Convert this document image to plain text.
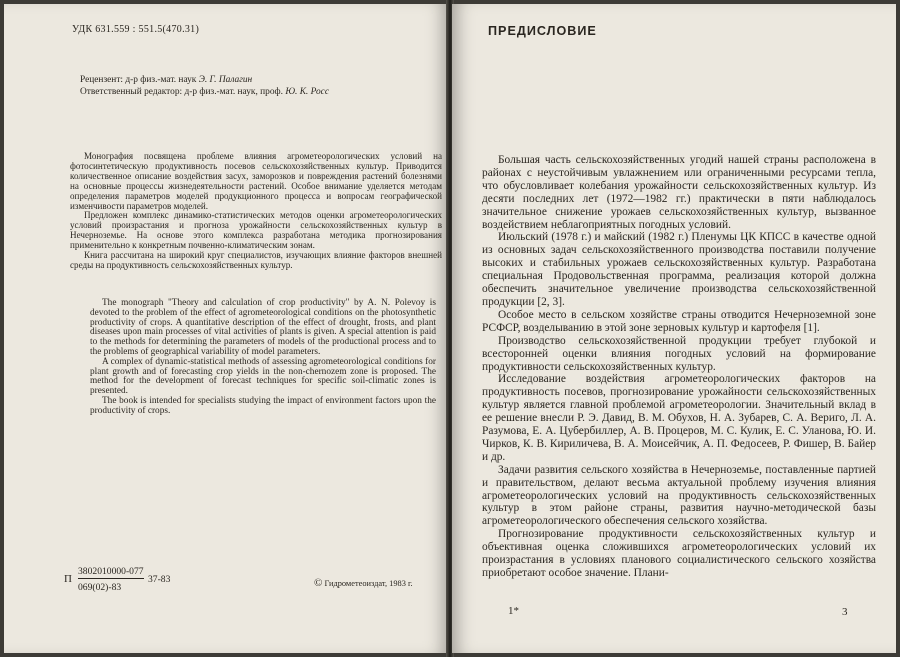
УДК 631.559 : 551.5(470.31)

Рецензент: д-р физ.-мат. наук Э. Г. Палагин

Ответственный редактор: д-р физ.-мат. наук, проф. Ю. К. Росс

Монография посвящена проблеме влияния агрометеорологических условий на фотосинтетическую продуктивность посевов сельскохозяйственных культур. Приводится количественное описание воздействия засух, заморозков и повреждения растений болезнями на основные процессы жизнедеятельности растений. Особое внимание уделяется методам определения параметров моделей продукционного процесса и вопросам географической изменчивости параметров моделей.

Предложен комплекс динамико-статистических методов оценки агрометеорологических условий произрастания и прогноза урожайности сельскохозяйственных культур в Нечерноземье. На основе этого комплекса разработана методика прогнозирования применительно к конкретным почвенно-климатическим зонам.

Книга рассчитана на широкий круг специалистов, изучающих влияние факторов внешней среды на продуктивность сельскохозяйственных культур.

The monograph "Theory and calculation of crop productivity" by A. N. Polevoy is devoted to the problem of the effect of agrometeorological conditions on the photosynthetic productivity of crops. A quantitative description of the effect of drought, frosts, and plant diseases upon main processes of vital activities of plants is given. A special attention is paid to the methods for determining the parameters of models of the productional process and to the problems of geographical variability of model parameters.

A complex of dynamic-statistical methods of assessing agrometeorological conditions for plant growth and of forecasting crop yields in the non-chernozem zone is proposed. The method for the development of forecast techniques for specific soil-climatic zones is presented.

The book is intended for specialists studying the impact of environment factors upon the productivity of crops.

П
3802010000-077
069(02)-83
37-83	© Гидрометеоиздат, 1983 г.
ПРЕДИСЛОВИЕ

Большая часть сельскохозяйственных угодий нашей страны расположена в районах с неустойчивым увлажнением или ограниченными ресурсами тепла, что обусловливает колебания урожайности сельскохозяйственных культур. Из десяти последних лет (1972—1982 гг.) практически в пяти наблюдалось значительное снижение урожаев сельскохозяйственных культур, вызванное воздействием неблагоприятных погодных условий.

Июльский (1978 г.) и майский (1982 г.) Пленумы ЦК КПСС в качестве одной из основных задач сельскохозяйственного производства поставили получение высоких и стабильных урожаев сельскохозяйственных культур. Разработана специальная Продовольственная программа, реализация которой должна обеспечить значительное увеличение производства сельскохозяйственной продукции [2, 3].

Особое место в сельском хозяйстве страны отводится Нечерноземной зоне РСФСР, возделыванию в этой зоне зерновых культур и картофеля [1].

Производство сельскохозяйственной продукции требует глубокой и всесторонней оценки влияния погодных условий на формирование продуктивности сельскохозяйственных культур.

Исследование воздействия агрометеорологических факторов на продуктивность посевов, прогнозирование урожайности сельскохозяйственных культур является главной проблемой агрометеорологии. Значительный вклад в ее решение внесли Р. Э. Давид, В. М. Обухов, Н. А. Зубарев, С. А. Вериго, Л. А. Разумова, Е. А. Цубербиллер, А. В. Процеров, М. С. Кулик, Е. С. Уланова, Ю. И. Чирков, К. В. Кириличева, В. А. Моисейчик, А. П. Федосеев, Р. Фишер, В. Байер и др.

Задачи развития сельского хозяйства в Нечерноземье, поставленные партией и правительством, делают весьма актуальной проблему изучения влияния агрометеорологических условий на продуктивность сельскохозяйственных культур в этом районе страны, развития научно-методической базы агрометеорологического обеспечения сельского хозяйства.

Прогнозирование продуктивности сельскохозяйственных культур и объективная оценка сложившихся агрометеорологических условий их произрастания в условиях планового социалистического сельского хозяйства приобретают особое значение. Плани-

1*	3
